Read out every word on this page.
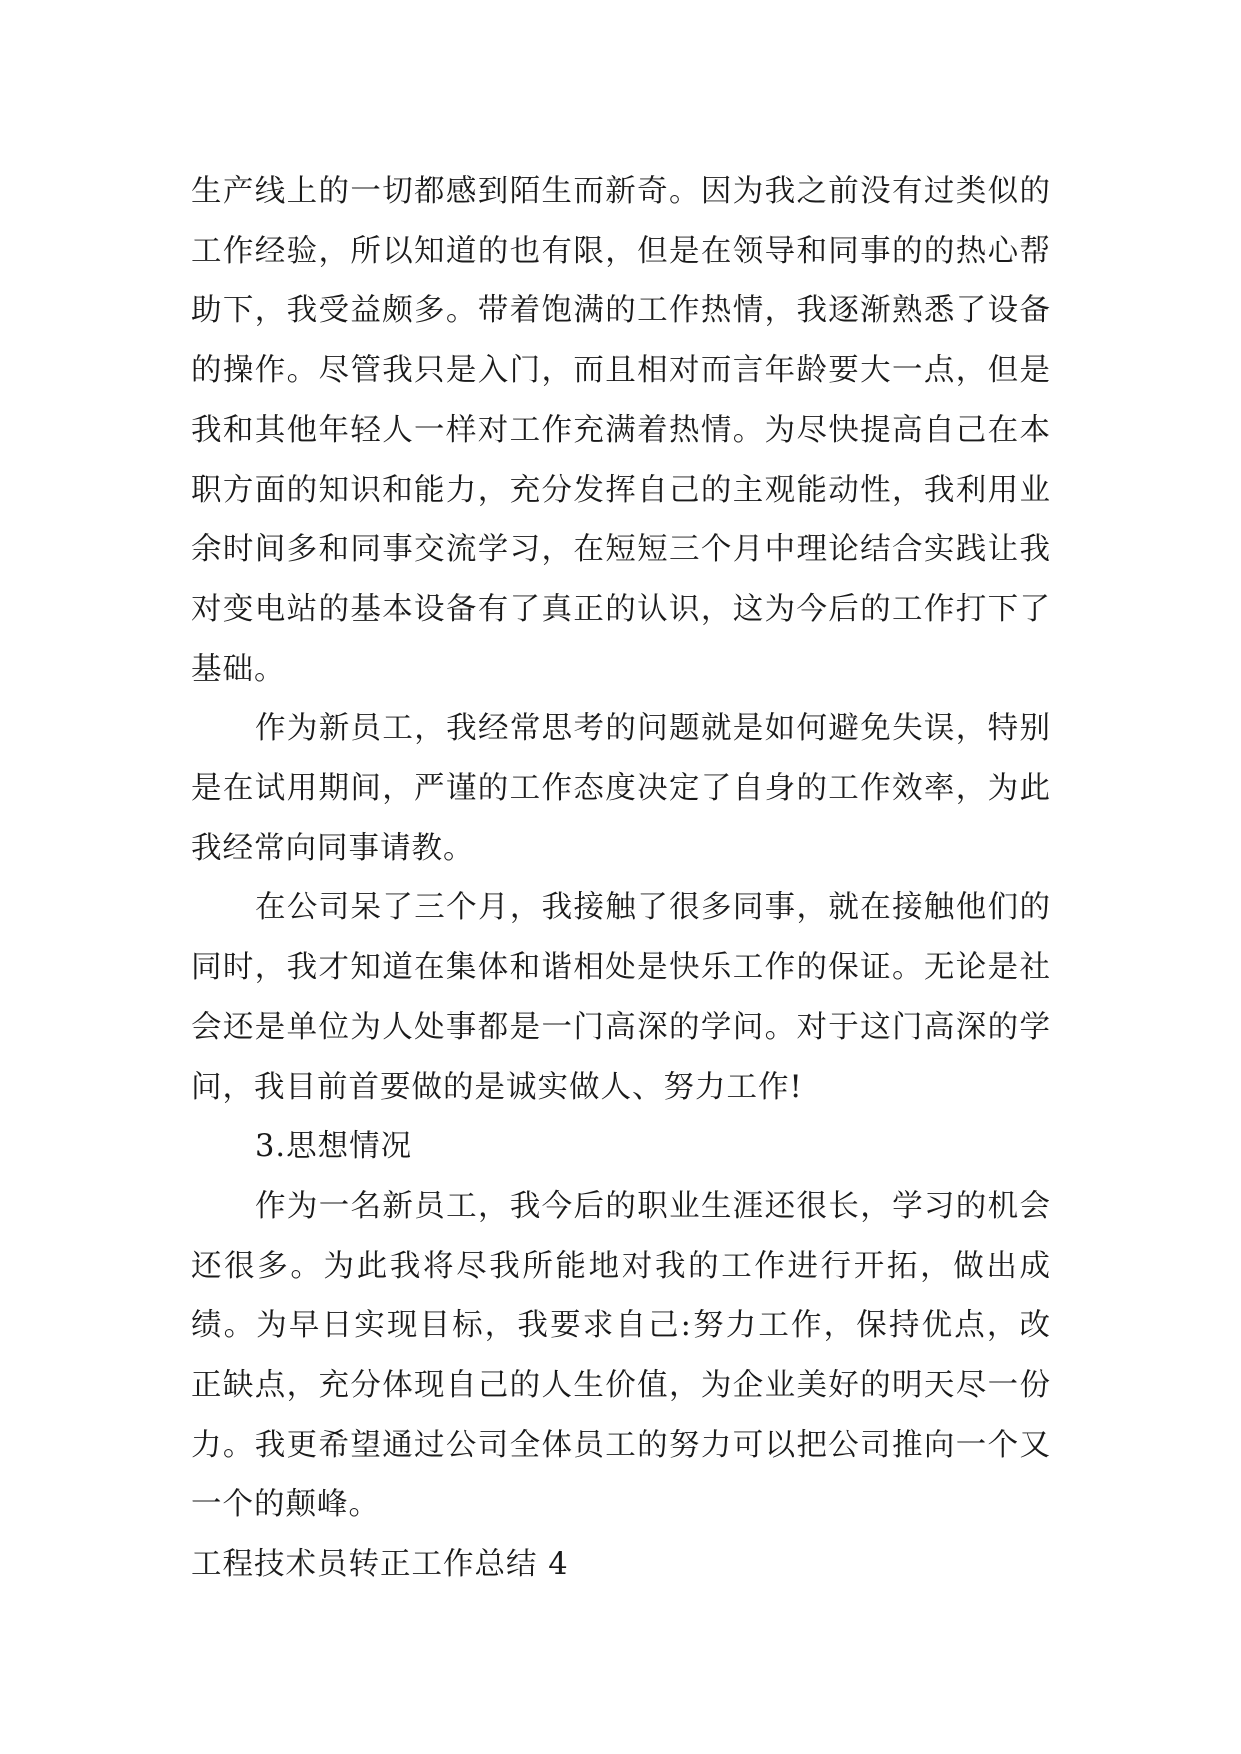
生产线上的一切都感到陌生而新奇。因为我之前没有过类似的工作经验，所以知道的也有限，但是在领导和同事的的热心帮助下，我受益颇多。带着饱满的工作热情，我逐渐熟悉了设备的操作。尽管我只是入门，而且相对而言年龄要大一点，但是我和其他年轻人一样对工作充满着热情。为尽快提高自己在本职方面的知识和能力，充分发挥自己的主观能动性，我利用业余时间多和同事交流学习，在短短三个月中理论结合实践让我对变电站的基本设备有了真正的认识，这为今后的工作打下了基础。

作为新员工，我经常思考的问题就是如何避免失误，特别是在试用期间，严谨的工作态度决定了自身的工作效率，为此我经常向同事请教。

在公司呆了三个月，我接触了很多同事，就在接触他们的同时，我才知道在集体和谐相处是快乐工作的保证。无论是社会还是单位为人处事都是一门高深的学问。对于这门高深的学问，我目前首要做的是诚实做人、努力工作!

3.思想情况

作为一名新员工，我今后的职业生涯还很长，学习的机会还很多。为此我将尽我所能地对我的工作进行开拓，做出成绩。为早日实现目标，我要求自己:努力工作，保持优点，改正缺点，充分体现自己的人生价值，为企业美好的明天尽一份力。我更希望通过公司全体员工的努力可以把公司推向一个又一个的颠峰。

工程技术员转正工作总结 4
